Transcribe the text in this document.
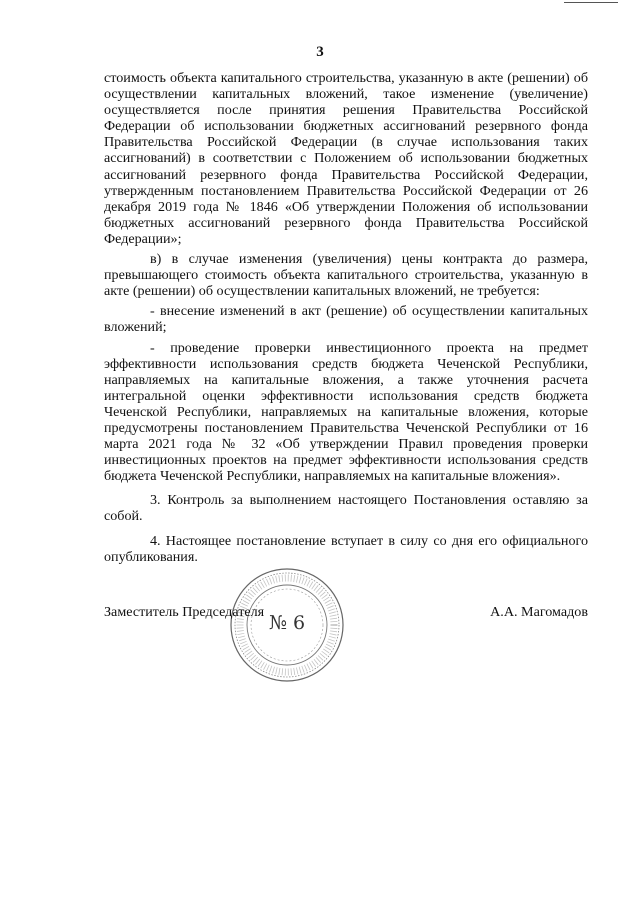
3

стоимость объекта капитального строительства, указанную в акте (решении) об осуществлении капитальных вложений, такое изменение (увеличение) осуществляется после принятия решения Правительства Российской Федерации об использовании бюджетных ассигнований резервного фонда Правительства Российской Федерации (в случае использования таких ассигнований) в соответствии с Положением об использовании бюджетных ассигнований резервного фонда Правительства Российской Федерации, утвержденным постановлением Правительства Российской Федерации от 26 декабря 2019 года № 1846 «Об утверждении Положения об использовании бюджетных ассигнований резервного фонда Правительства Российской Федерации»;

в) в случае изменения (увеличения) цены контракта до размера, превышающего стоимость объекта капитального строительства, указанную в акте (решении) об осуществлении капитальных вложений, не требуется:

- внесение изменений в акт (решение) об осуществлении капитальных вложений;

- проведение проверки инвестиционного проекта на предмет эффективности использования средств бюджета Чеченской Республики, направляемых на капитальные вложения, а также уточнения расчета интегральной оценки эффективности использования средств бюджета Чеченской Республики, направляемых на капитальные вложения, которые предусмотрены постановлением Правительства Чеченской Республики от 16 марта 2021 года № 32 «Об утверждении Правил проведения проверки инвестиционных проектов на предмет эффективности использования средств бюджета Чеченской Республики, направляемых на капитальные вложения».

3. Контроль за выполнением настоящего Постановления оставляю за собой.

4. Настоящее постановление вступает в силу со дня его официального опубликования.

№ 6
Заместитель Председателя	А.А. Магомадов
